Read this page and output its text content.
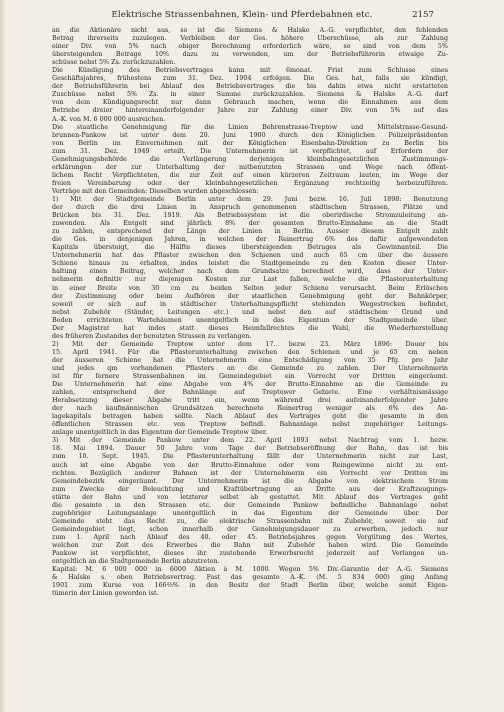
Elektrische Strassenbahnen, Klein- und Pferdebahnen etc.	2157
an die Aktionäre nicht aus, so ist die Siemens & Halske A.-G. verpflichtet, den fehlenden
Betrag ihrerseits zuzulegen. Verbleiben der Ges. höhere Überschüsse, als zur Zahlung
einer Div. von 5% nach obiger Berechnung erforderlich wäre, so sind von dem 5%
übersteigenden Betrage 10% dazu zu verwenden, um der Betriebsführerin etwaige Zu-
schüsse nebst 5% Zs. zurückzuzahlen.
Die Kündigung des Betriebsvertrages kann mit 6monat. Frist zum Schlusse eines
Geschäftsjahres, frühestens zum 31. Dez. 1904 erfolgen. Die Ges. hat, falls sie kündigt,
der Betriebsführerin bei Ablauf des Betriebsvertrages die bis dahin etwa nicht erstatteten
Zuschüsse nebst 5% Zs. in einer Summe zurückzuzahlen. Siemens & Halske A.-G. darf
von dem Kündigungsrecht nur dann Gebrauch machen, wenn die Einnahmen aus dem
Betriebe dreier hintereinanderfolgender Jahre zur Zahlung einer Div. von 5% auf das
A.-K. von M. 6 000 000 ausreichen.
Die staatliche Genehmigung für die Linien Behrenstrasse-Treptow und Mittelstrasse-Gesund-
brunnen-Pankow ist unter dem 20. Juni 1900 durch den Königlichen Polizeipräsidenten
von Berlin im Einvernehmen mit der Königlichen Eisenbahn-Direktion zu Berlin bis
zum 31. Dez. 1949 erteilt. Die Unternehmerin ist verpflichtet, auf Erfordern der
Genehmigungsbehörde die Verlängerung derjenigen kleinbahngesetzlichen Zustimmungs-
erklärungen der zur Unterhaltung der mitbenutzten Strassen und Wege nach öffent-
lichem Recht Verpflichteten, die zur Zeit auf einen kürzeren Zeitraum lauten, im Wege der
freien Vereinbarung oder der kleinbahngesetzlichen Ergänzung rechtzeitig herbeizuführen.
Verträge mit den Gemeinden: Dieselben wurden abgeschlossen:
1) Mit der Stadtgemeinde Berlin unter dem 29. Juni bezw. 16. Juli 1898: Benutzung
der durch die drei Linien in Anspruch genommenen städtischen Strassen, Plätze und
Brücken bis 31. Dez. 1919. Als Betriebssystem ist die oberirdische Stromzuleitung an-
zuwenden. Als Entgelt sind jährlich 8% der gesamten Brutto-Einnahme an die Stadt
zu zahlen, entsprechend der Länge der Linien in Berlin. Ausser diesem Entgelt zahlt
die Ges. in denjenigen Jahren, in welchen der Reinertrag 6% des dafür aufgewendeten
Kapitals übersteigt, die Hälfte dieses übersteigenden Betrages als Gewinnanteil. Die
Unternehmerin hat das Pflaster zwischen den Schienen und auch 65 cm über die äussere
Schiene hinaus zu erhalten, indes leistet die Stadtgemeinde zu den Kosten dieser Unter-
haltung einen Beitrag, welcher nach dem Grundsatze berechnet wird, dass der Unter-
nehmerin definitiv nur diejenigen Kosten zur Last fallen, welche die Pflasterunterhaltung
in einer Breite von 30 cm zu beiden Seiten jeder Schiene verursacht. Beim Erlöschen
der Zustimmung oder beim Aufhören der staatlichen Genehmigung geht der Bahnkörper,
soweit er sich auf in städtischer Unterhaltungspflicht stehenden Wegestrecken befindet,
nebst Zubehör (Ständer, Leitungen etc.) und nebst den auf städtischem Grund und
Boden errichteten Wartehäumen unentgeltlich in das Eigentum der Stadtgemeinde über.
Der Magistrat hat indes statt dieses Heimfallrechtes die Wahl, die Wiederherstellung
des früheren Zustandes der benutzten Strassen zu verlangen.
2) Mit der Gemeinde Treptow unter dem 17. bezw. 23. März 1896: Dauer bis
15. April 1941. Für die Pflasterunterhaltung zwischen den Schienen und je 65 cm neben
der äusseren Schiene hat die Unternehmerin eine Entschädigung von 35 Pfg. pro Jahr
und jedes qm vorhandenen Pflasters an die Gemeinde zu zahlen. Der Unternehmerin
ist für fernere Strassenbahnen im Gemeindegebiet ein Vorrecht vor Dritten eingeräumt.
Die Unternehmerin hat eine Abgabe von 4% der Brutto-Einnahme an die Gemeinde zu
zahlen, entsprechend der Bahnlänge auf Treptower Gebiete. Eine verhältnismässige
Herabsetzung dieser Abgabe tritt ein, wenn während drei aufeinanderfolgender Jahre
der nach kaufmännischen Grundsätzen berechnete Reinertrag weniger als 6% des An-
lagekapitals betragen haben sollte. Nach Ablauf des Vertrages geht die gesamte in den
öffentlichen Strassen etc. von Treptow befindl. Bahnanlage nebst zugehöriger Leitungs-
anlage unentgeltlich in das Eigentum der Gemeinde Treptow über.
3) Mit der Gemeinde Pankow unter dem 22. April 1893 nebst Nachtrag vom 1. bezw.
18. Mai 1894. Dauer 50 Jahre vom Tage der Betriebseröffnung der Bahn, das ist bis
zum 10. Sept. 1945. Die Pflasterunterhaltung fällt der Unternehmerin nicht zur Last,
auch ist eine Abgabe von der Brutto-Einnahme oder vom Reingewinne nicht zu ent-
richten. Bezüglich anderer Bahnen ist der Unternehmerin ein Vorrecht vor Dritten im
Gemeindebezirk eingeräumt. Der Unternehmerin ist die Abgabe von elektrischem Strom
zum Zwecke der Beleuchtung und Kraftübertragung an Dritte aus der Kraftzeugungs-
stätte der Bahn und von letzterer selbst ab gestattet. Mit Ablauf des Vertrages geht
die gesamte in den Strassen etc. der Gemeinde Pankow befindliche Bahnanlage nebst
zugehöriger Leitungsanlage unentgeltlich in das Eigentum der Gemeinde über. Der
Gemeinde steht das Recht zu, die elektrische Strassenbahn mit Zubehör, soweit sie auf
Gemeindegebiet liegt, schon innerhalb der Genehmigungsdauer zu erwerben, jedoch nur
zum 1. April nach Ablauf des 40. oder 45. Betriebsjahres gegen Vergütung des Wertes,
welchen zur Zeit des Erwerbes die Bahn mit Zubehör haben wird. Die Gemeinde
Pankow ist verpflichtet, dieses ihr zustehende Erwerbsrecht jederzeit auf Verlangen un-
entgeltlich an die Stadtgemeinde Berlin abzutreten.
Kapital: M. 6 000 000 in 6000 Aktien à M. 1000. Wegen 5% Div.-Garantie der A.-G. Siemens
& Halske s. oben Betriebsvertrag. Fast das gesamte A.-K. (M. 5 834 000) ging Anfang
1901 zum Kurse von 166⅔% in den Besitz der Stadt Berlin über, welche somit Eigen-
tümerin der Linien geworden ist.
